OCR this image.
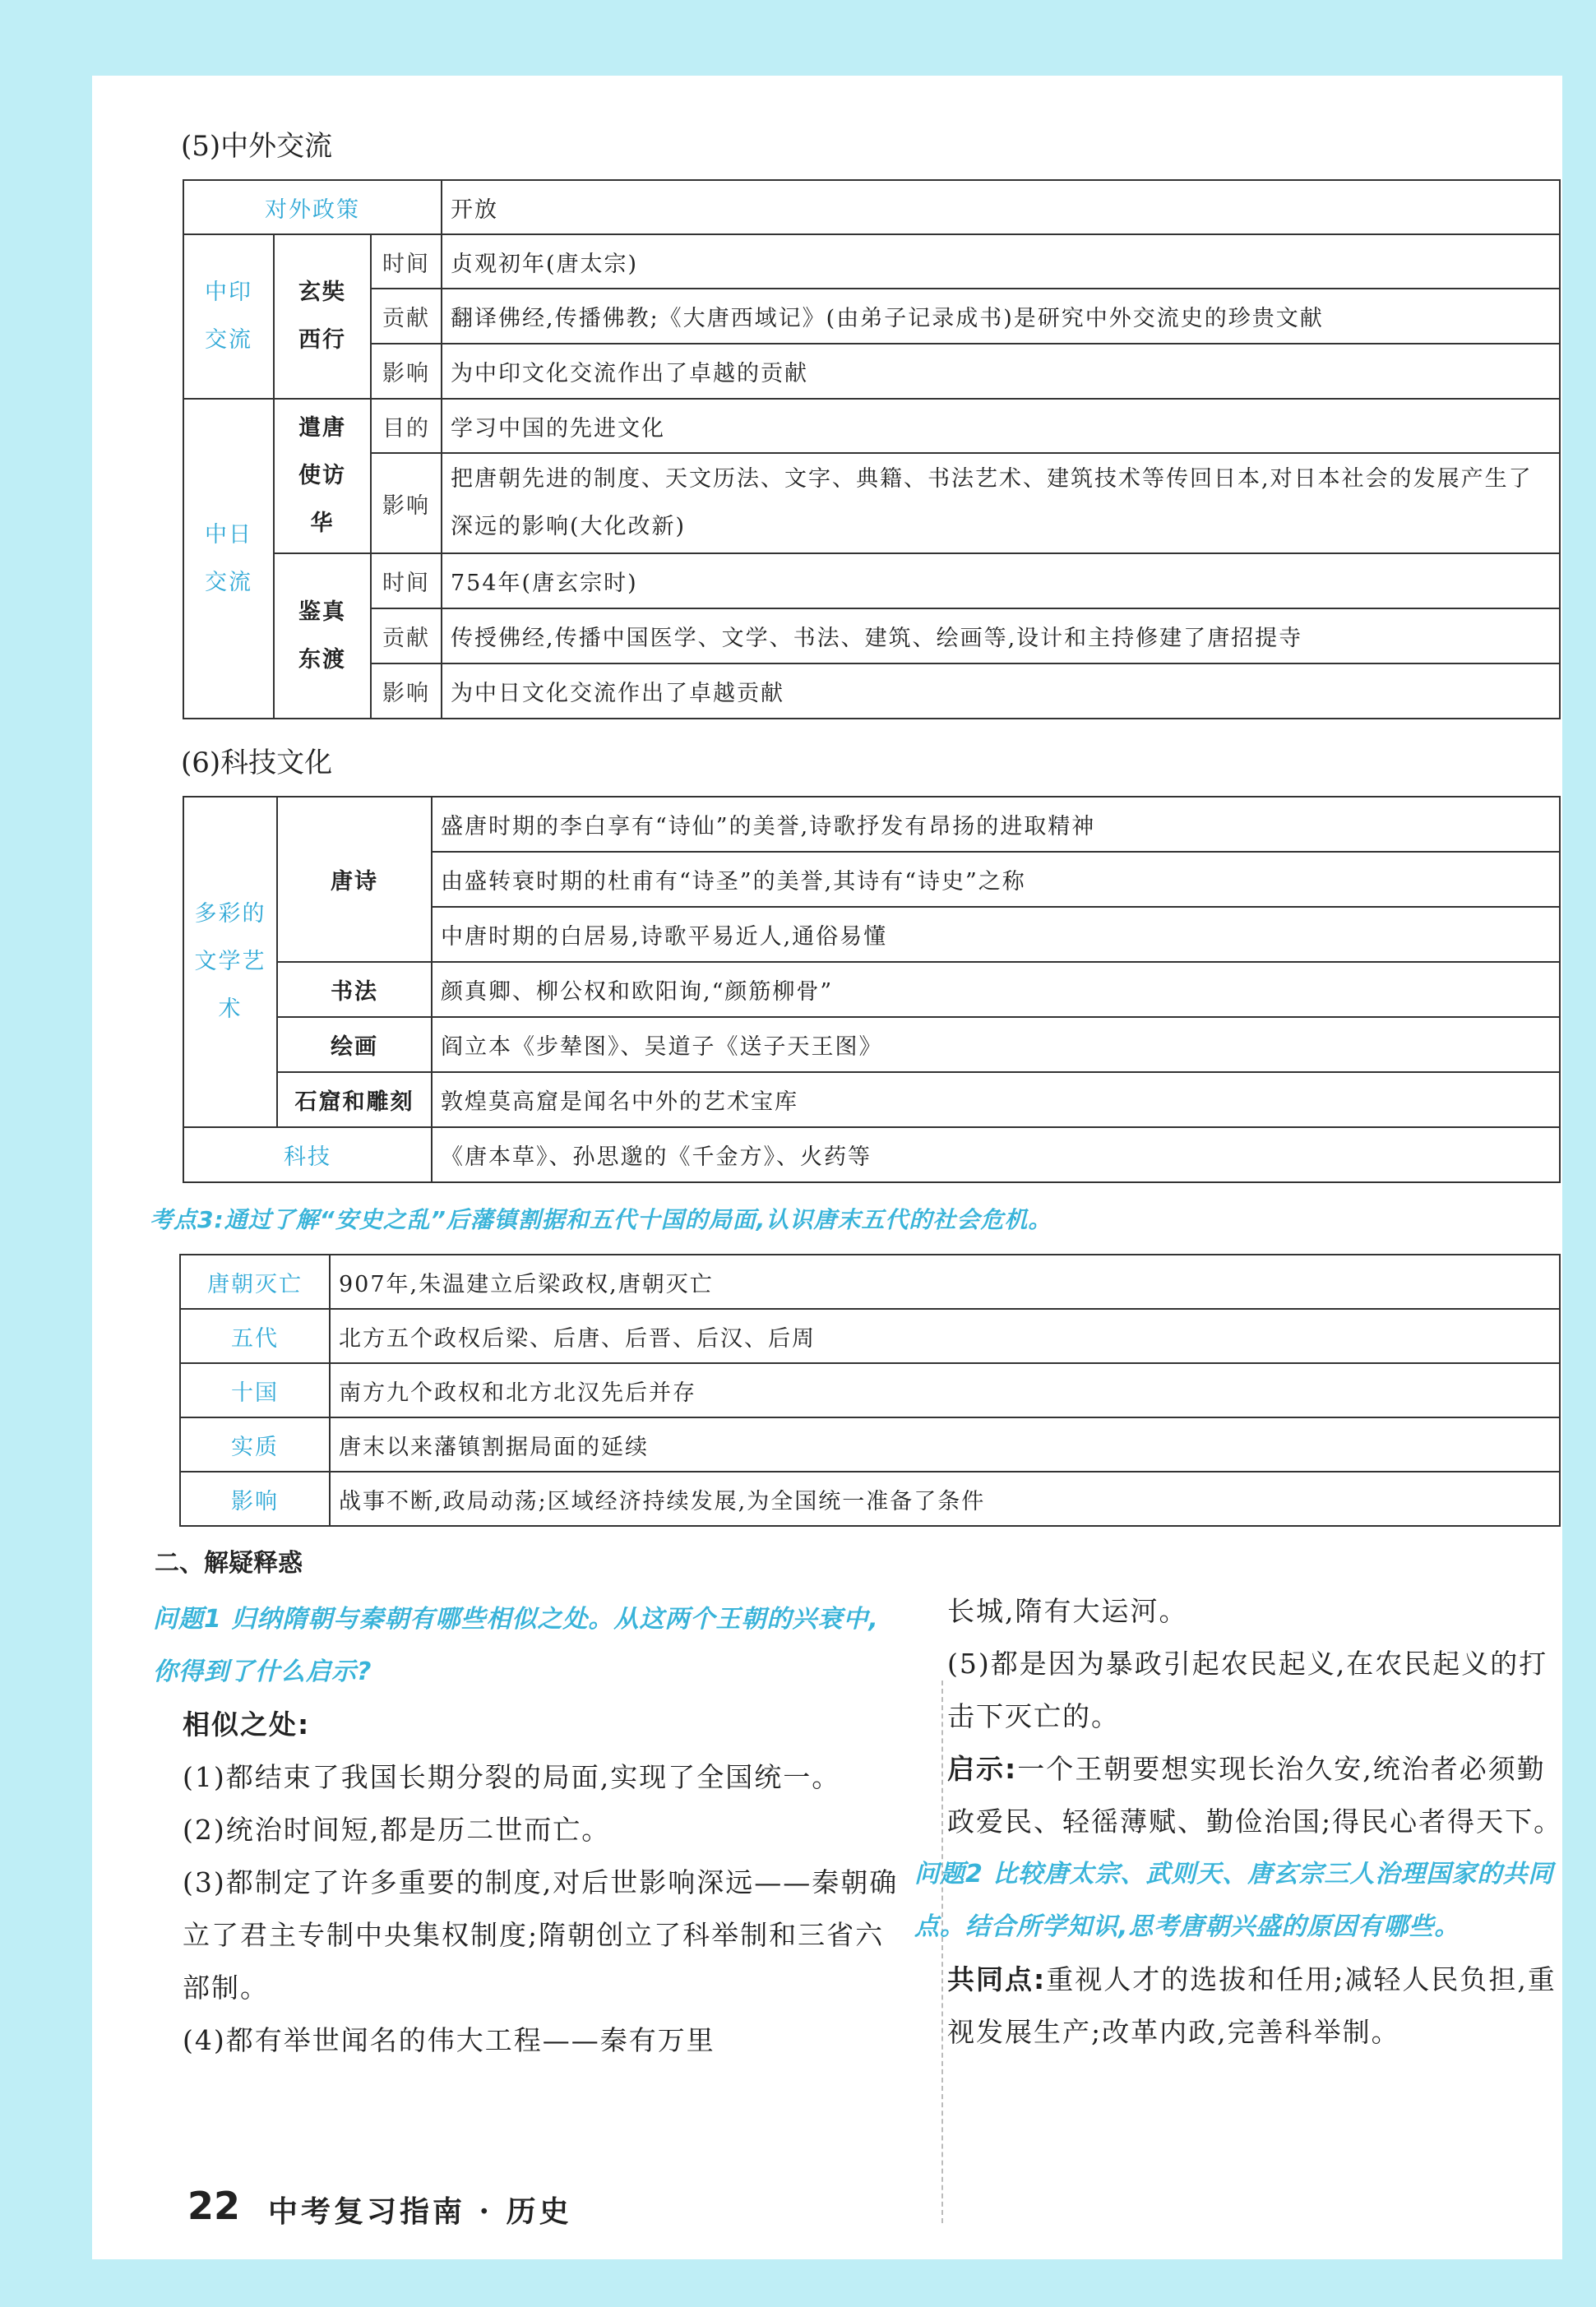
(5)中外交流
对外政策			开放
中印交流	玄奘西行	时间	贞观初年(唐太宗)
		贡献	翻译佛经,传播佛教;《大唐西域记》(由弟子记录成书)是研究中外交流史的珍贵文献
		影响	为中印文化交流作出了卓越的贡献
中日交流	遣唐使访华	目的	学习中国的先进文化
		影响	把唐朝先进的制度、天文历法、文字、典籍、书法艺术、建筑技术等传回日本,对日本社会的发展产生了深远的影响(大化改新)
	鉴真东渡	时间	754年(唐玄宗时)
		贡献	传授佛经,传播中国医学、文学、书法、建筑、绘画等,设计和主持修建了唐招提寺
		影响	为中日文化交流作出了卓越贡献
(6)科技文化
多彩的文学艺术	唐诗	盛唐时期的李白享有“诗仙”的美誉,诗歌抒发有昂扬的进取精神
		由盛转衰时期的杜甫有“诗圣”的美誉,其诗有“诗史”之称
		中唐时期的白居易,诗歌平易近人,通俗易懂
	书法	颜真卿、柳公权和欧阳询,“颜筋柳骨”
	绘画	阎立本《步辇图》、吴道子《送子天王图》
	石窟和雕刻	敦煌莫高窟是闻名中外的艺术宝库
科技		《唐本草》、孙思邈的《千金方》、火药等
考点3:通过了解“安史之乱”后藩镇割据和五代十国的局面,认识唐末五代的社会危机。
唐朝灭亡	907年,朱温建立后梁政权,唐朝灭亡
五代	北方五个政权后梁、后唐、后晋、后汉、后周
十国	南方九个政权和北方北汉先后并存
实质	唐末以来藩镇割据局面的延续
影响	战事不断,政局动荡;区域经济持续发展,为全国统一准备了条件
二、解疑释惑
问题1 归纳隋朝与秦朝有哪些相似之处。从这两个王朝的兴衰中,你得到了什么启示?
相似之处:
(1)都结束了我国长期分裂的局面,实现了全国统一。
(2)统治时间短,都是历二世而亡。
(3)都制定了许多重要的制度,对后世影响深远——秦朝确立了君主专制中央集权制度;隋朝创立了科举制和三省六部制。
(4)都有举世闻名的伟大工程——秦有万里
长城,隋有大运河。
(5)都是因为暴政引起农民起义,在农民起义的打击下灭亡的。
启示:一个王朝要想实现长治久安,统治者必须勤政爱民、轻徭薄赋、勤俭治国;得民心者得天下。
问题2 比较唐太宗、武则天、唐玄宗三人治理国家的共同点。结合所学知识,思考唐朝兴盛的原因有哪些。
共同点:重视人才的选拔和任用;减轻人民负担,重视发展生产;改革内政,完善科举制。
22 中考复习指南 · 历史
